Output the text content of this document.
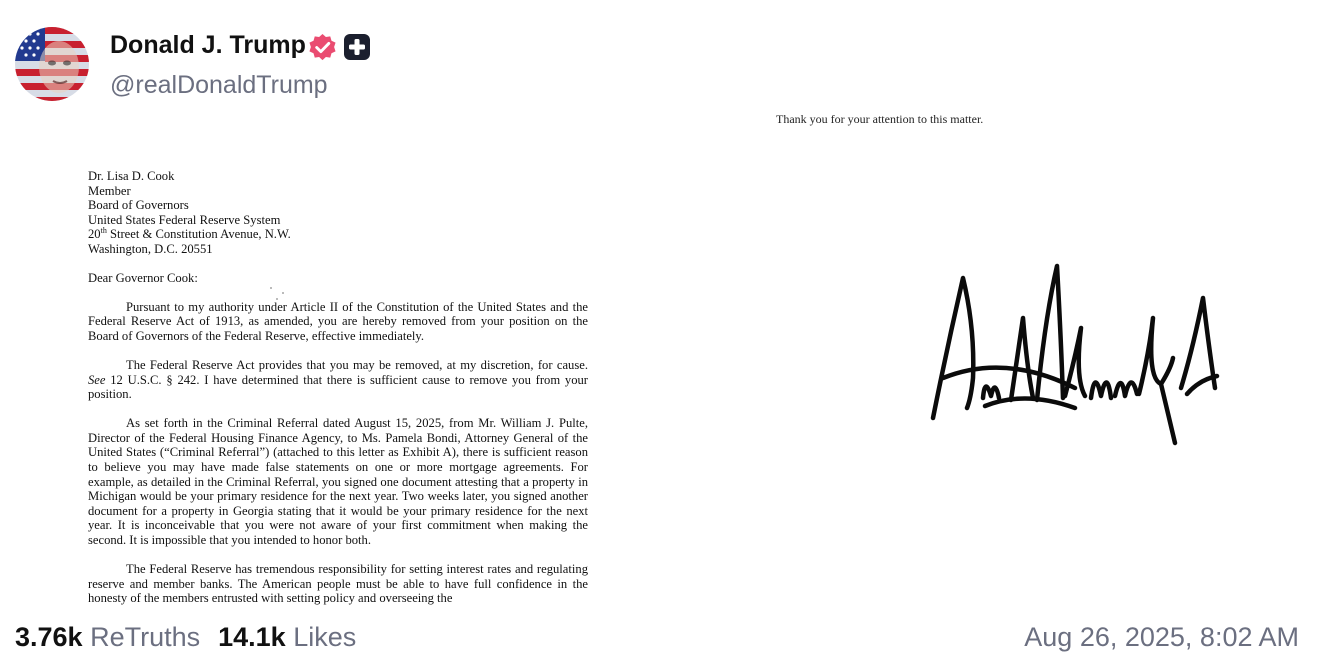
Donald J. Trump
@realDonaldTrump
Dr. Lisa D. Cook
Member
Board of Governors
United States Federal Reserve System
20th Street & Constitution Avenue, N.W.
Washington, D.C. 20551

Dear Governor Cook:

Pursuant to my authority under Article II of the Constitution of the United States and the Federal Reserve Act of 1913, as amended, you are hereby removed from your position on the Board of Governors of the Federal Reserve, effective immediately.

The Federal Reserve Act provides that you may be removed, at my discretion, for cause. See 12 U.S.C. § 242. I have determined that there is sufficient cause to remove you from your position.

As set forth in the Criminal Referral dated August 15, 2025, from Mr. William J. Pulte, Director of the Federal Housing Finance Agency, to Ms. Pamela Bondi, Attorney General of the United States (“Criminal Referral”) (attached to this letter as Exhibit A), there is sufficient reason to believe you may have made false statements on one or more mortgage agreements. For example, as detailed in the Criminal Referral, you signed one document attesting that a property in Michigan would be your primary residence for the next year. Two weeks later, you signed another document for a property in Georgia stating that it would be your primary residence for the next year. It is inconceivable that you were not aware of your first commitment when making the second. It is impossible that you intended to honor both.

The Federal Reserve has tremendous responsibility for setting interest rates and regulating reserve and member banks. The American people must be able to have full confidence in the honesty of the members entrusted with setting policy and overseeing the

Thank you for your attention to this matter.
3.76k ReTruths 14.1k Likes	Aug 26, 2025, 8:02 AM
